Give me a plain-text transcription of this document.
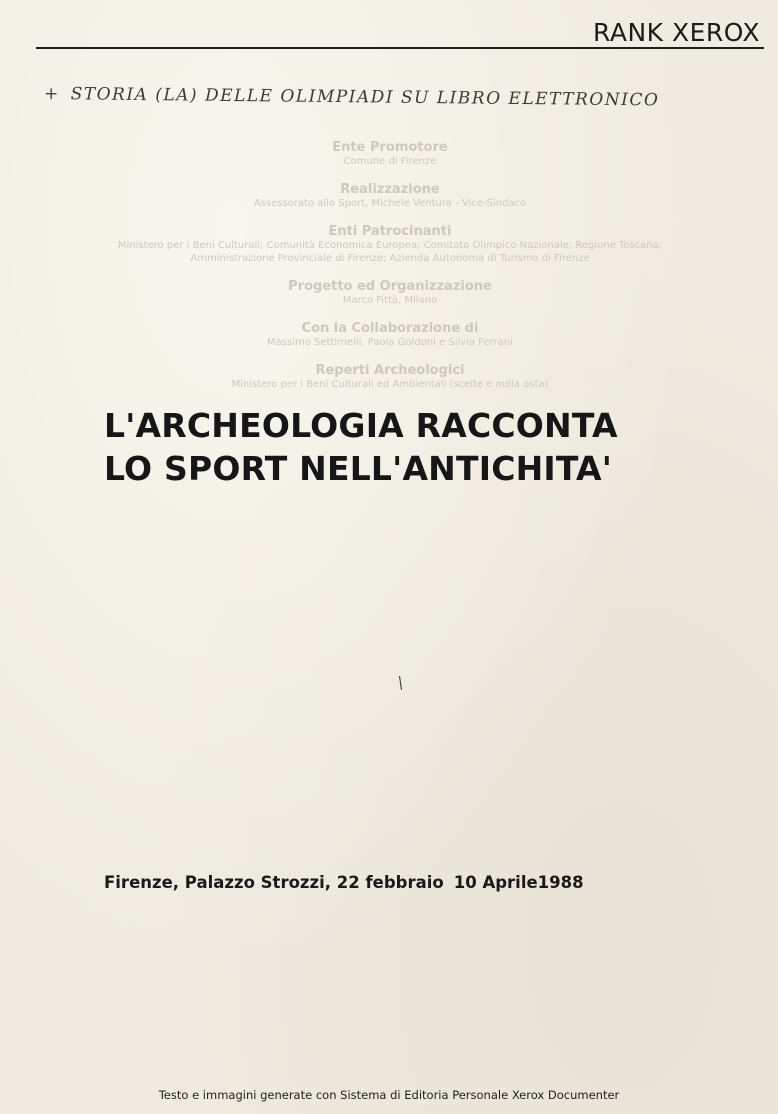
RANK XEROX
+ STORIA (LA) DELLE OLIMPIADI SU LIBRO ELETTRONICO
Ente Promotore
Comune di Firenze
Realizzazione
Assessorato allo Sport, Michele Ventura - Vice-Sindaco
Enti Patrocinanti
Ministero per i Beni Culturali; Comunità Economica Europea; Comitato Olimpico Nazionale; Regione Toscana;
Amministrazione Provinciale di Firenze; Azienda Autonoma di Turismo di Firenze
Progetto ed Organizzazione
Marco Fittà, Milano
Con la Collaborazione di
Massimo Settimelli, Paola Goldoni e Silvia Ferrani
Reperti Archeologici
Ministero per i Beni Culturali ed Ambientali (scelte e nulla osta)
L'ARCHEOLOGIA RACCONTA
LO SPORT NELL'ANTICHITA'
Firenze, Palazzo Strozzi, 22 febbraio 10 Aprile1988
Testo e immagini generate con Sistema di Editoria Personale Xerox Documenter
